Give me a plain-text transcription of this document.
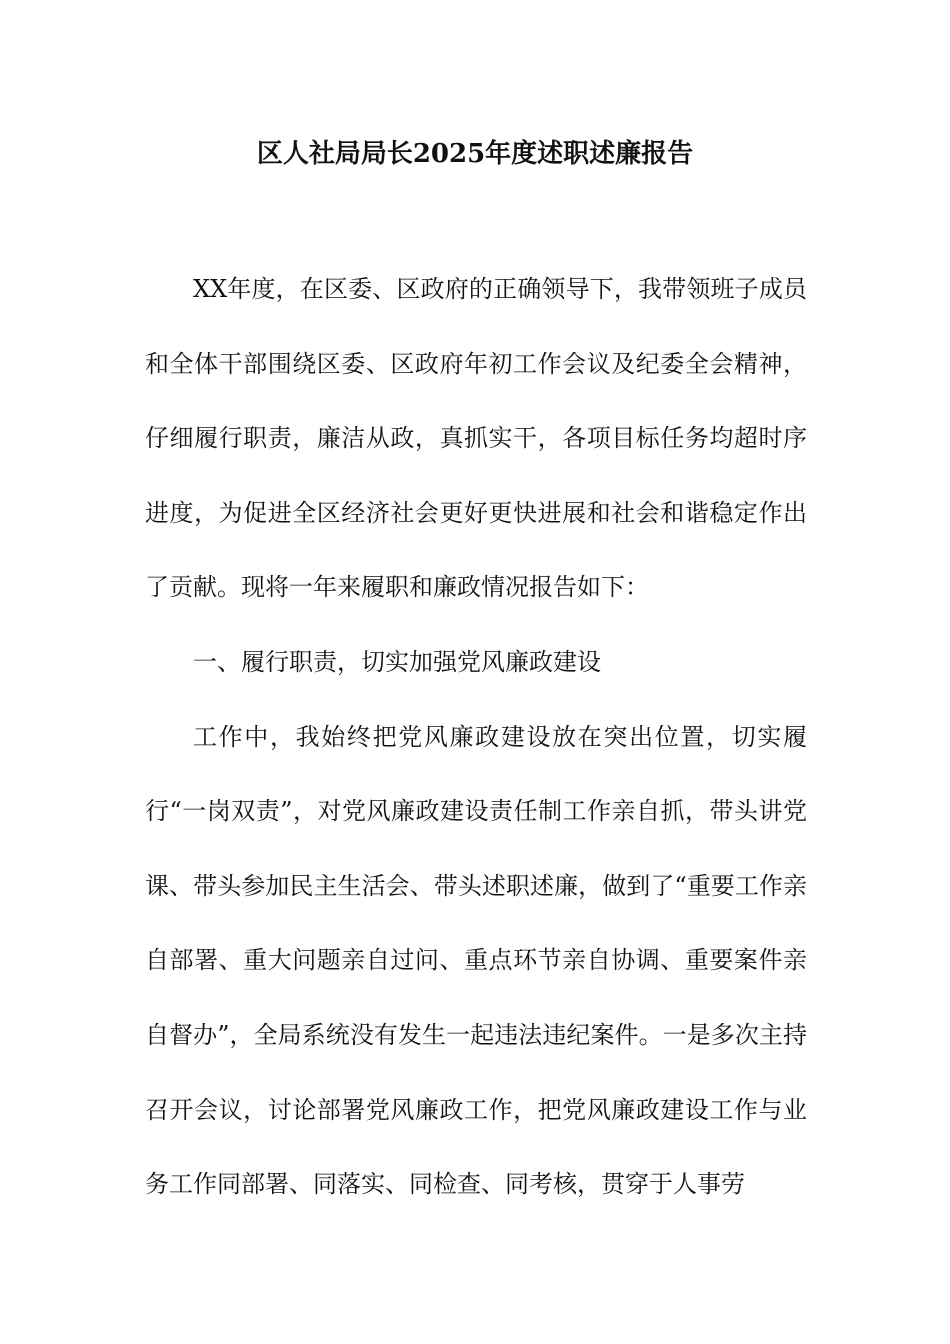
区人社局局长2025年度述职述廉报告

XX年度，在区委、区政府的正确领导下，我带领班子成员和全体干部围绕区委、区政府年初工作会议及纪委全会精神，仔细履行职责，廉洁从政，真抓实干，各项目标任务均超时序进度，为促进全区经济社会更好更快进展和社会和谐稳定作出了贡献。现将一年来履职和廉政情况报告如下：

一、履行职责，切实加强党风廉政建设

工作中，我始终把党风廉政建设放在突出位置，切实履行“一岗双责”，对党风廉政建设责任制工作亲自抓，带头讲党课、带头参加民主生活会、带头述职述廉，做到了“重要工作亲自部署、重大问题亲自过问、重点环节亲自协调、重要案件亲自督办”，全局系统没有发生一起违法违纪案件。一是多次主持召开会议，讨论部署党风廉政工作，把党风廉政建设工作与业务工作同部署、同落实、同检查、同考核，贯穿于人事劳
